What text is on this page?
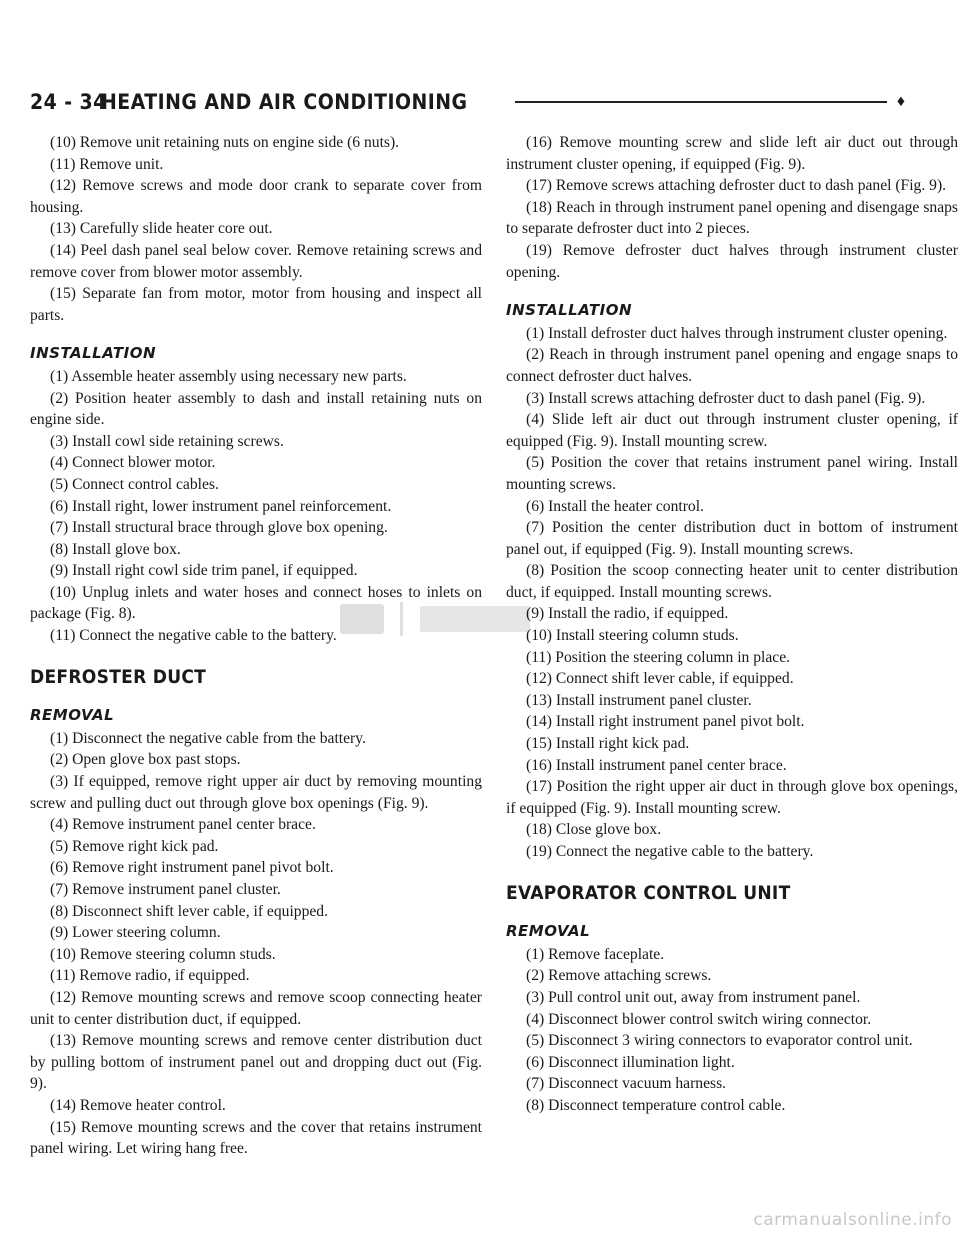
24 - 34
HEATING AND AIR CONDITIONING	♦

(10) Remove unit retaining nuts on engine side (6 nuts).

(11) Remove unit.

(12) Remove screws and mode door crank to separate cover from housing.

(13) Carefully slide heater core out.

(14) Peel dash panel seal below cover. Remove retaining screws and remove cover from blower motor assembly.

(15) Separate fan from motor, motor from housing and inspect all parts.

INSTALLATION

(1) Assemble heater assembly using necessary new parts.

(2) Position heater assembly to dash and install retaining nuts on engine side.

(3) Install cowl side retaining screws.

(4) Connect blower motor.

(5) Connect control cables.

(6) Install right, lower instrument panel reinforcement.

(7) Install structural brace through glove box opening.

(8) Install glove box.

(9) Install right cowl side trim panel, if equipped.

(10) Unplug inlets and water hoses and connect hoses to inlets on package (Fig. 8).

(11) Connect the negative cable to the battery.

DEFROSTER DUCT
REMOVAL

(1) Disconnect the negative cable from the battery.

(2) Open glove box past stops.

(3) If equipped, remove right upper air duct by removing mounting screw and pulling duct out through glove box openings (Fig. 9).

(4) Remove instrument panel center brace.

(5) Remove right kick pad.

(6) Remove right instrument panel pivot bolt.

(7) Remove instrument panel cluster.

(8) Disconnect shift lever cable, if equipped.

(9) Lower steering column.

(10) Remove steering column studs.

(11) Remove radio, if equipped.

(12) Remove mounting screws and remove scoop connecting heater unit to center distribution duct, if equipped.

(13) Remove mounting screws and remove center distribution duct by pulling bottom of instrument panel out and dropping duct out (Fig. 9).

(14) Remove heater control.

(15) Remove mounting screws and the cover that retains instrument panel wiring. Let wiring hang free.

(16) Remove mounting screw and slide left air duct out through instrument cluster opening, if equipped (Fig. 9).

(17) Remove screws attaching defroster duct to dash panel (Fig. 9).

(18) Reach in through instrument panel opening and disengage snaps to separate defroster duct into 2 pieces.

(19) Remove defroster duct halves through instrument cluster opening.

INSTALLATION

(1) Install defroster duct halves through instrument cluster opening.

(2) Reach in through instrument panel opening and engage snaps to connect defroster duct halves.

(3) Install screws attaching defroster duct to dash panel (Fig. 9).

(4) Slide left air duct out through instrument cluster opening, if equipped (Fig. 9). Install mounting screw.

(5) Position the cover that retains instrument panel wiring. Install mounting screws.

(6) Install the heater control.

(7) Position the center distribution duct in bottom of instrument panel out, if equipped (Fig. 9). Install mounting screws.

(8) Position the scoop connecting heater unit to center distribution duct, if equipped. Install mounting screws.

(9) Install the radio, if equipped.

(10) Install steering column studs.

(11) Position the steering column in place.

(12) Connect shift lever cable, if equipped.

(13) Install instrument panel cluster.

(14) Install right instrument panel pivot bolt.

(15) Install right kick pad.

(16) Install instrument panel center brace.

(17) Position the right upper air duct in through glove box openings, if equipped (Fig. 9). Install mounting screw.

(18) Close glove box.

(19) Connect the negative cable to the battery.

EVAPORATOR CONTROL UNIT
REMOVAL

(1) Remove faceplate.

(2) Remove attaching screws.

(3) Pull control unit out, away from instrument panel.

(4) Disconnect blower control switch wiring connector.

(5) Disconnect 3 wiring connectors to evaporator control unit.

(6) Disconnect illumination light.

(7) Disconnect vacuum harness.

(8) Disconnect temperature control cable.

carmanualsonline.info
